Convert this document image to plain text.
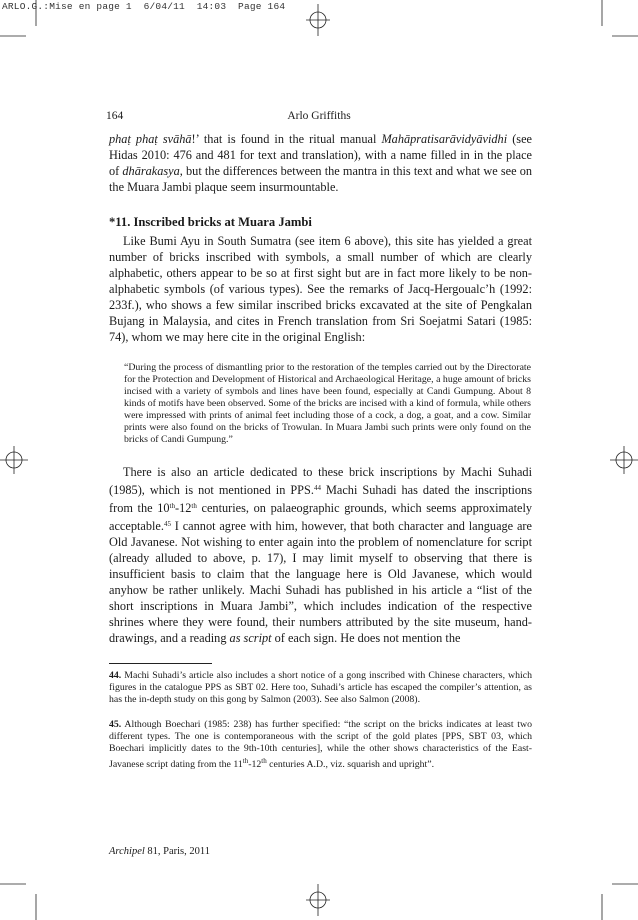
ARLO.G.:Mise en page 1  6/04/11  14:03  Page 164
164	Arlo Griffiths
phaṭ phaṭ svāhā!’ that is found in the ritual manual Mahāpratisarāvidyāvidhi (see Hidas 2010: 476 and 481 for text and translation), with a name filled in in the place of dhārakasya, but the differences between the mantra in this text and what we see on the Muara Jambi plaque seem insurmountable.
*11. Inscribed bricks at Muara Jambi
Like Bumi Ayu in South Sumatra (see item 6 above), this site has yielded a great number of bricks inscribed with symbols, a small number of which are clearly alphabetic, others appear to be so at first sight but are in fact more likely to be non-alphabetic symbols (of various types). See the remarks of Jacq-Hergoualc’h (1992: 233f.), who shows a few similar inscribed bricks excavated at the site of Pengkalan Bujang in Malaysia, and cites in French translation from Sri Soejatmi Satari (1985: 74), whom we may here cite in the original English:
“During the process of dismantling prior to the restoration of the temples carried out by the Directorate for the Protection and Development of Historical and Archaeological Heritage, a huge amount of bricks incised with a variety of symbols and lines have been found, especially at Candi Gumpung. About 8 kinds of motifs have been observed. Some of the bricks are incised with a kind of formula, while others were impressed with prints of animal feet including those of a cock, a dog, a goat, and a cow. Similar prints were also found on the bricks of Trowulan. In Muara Jambi such prints were only found on the bricks of Candi Gumpung.”
There is also an article dedicated to these brick inscriptions by Machi Suhadi (1985), which is not mentioned in PPS.$^{44}$ Machi Suhadi has dated the inscriptions from the 10th-12th centuries, on palaeographic grounds, which seems approximately acceptable.$^{45}$ I cannot agree with him, however, that both character and language are Old Javanese. Not wishing to enter again into the problem of nomenclature for script (already alluded to above, p. 17), I may limit myself to observing that there is insufficient basis to claim that the language here is Old Javanese, which would anyhow be rather unlikely. Machi Suhadi has published in his article a “list of the short inscriptions in Muara Jambi”, which includes indication of the respective shrines where they were found, their numbers attributed by the site museum, hand-drawings, and a reading as script of each sign. He does not mention the
44. Machi Suhadi’s article also includes a short notice of a gong inscribed with Chinese characters, which figures in the catalogue PPS as SBT 02. Here too, Suhadi’s article has escaped the compiler’s attention, as has the in-depth study on this gong by Salmon (2003). See also Salmon (2008).
45. Although Boechari (1985: 238) has further specified: “the script on the bricks indicates at least two different types. The one is contemporaneous with the script of the gold plates [PPS, SBT 03, which Boechari implicitly dates to the 9th-10th centuries], while the other shows characteristics of the East-Javanese script dating from the 11th-12th centuries A.D., viz. squarish and upright”.
Archipel 81, Paris, 2011
